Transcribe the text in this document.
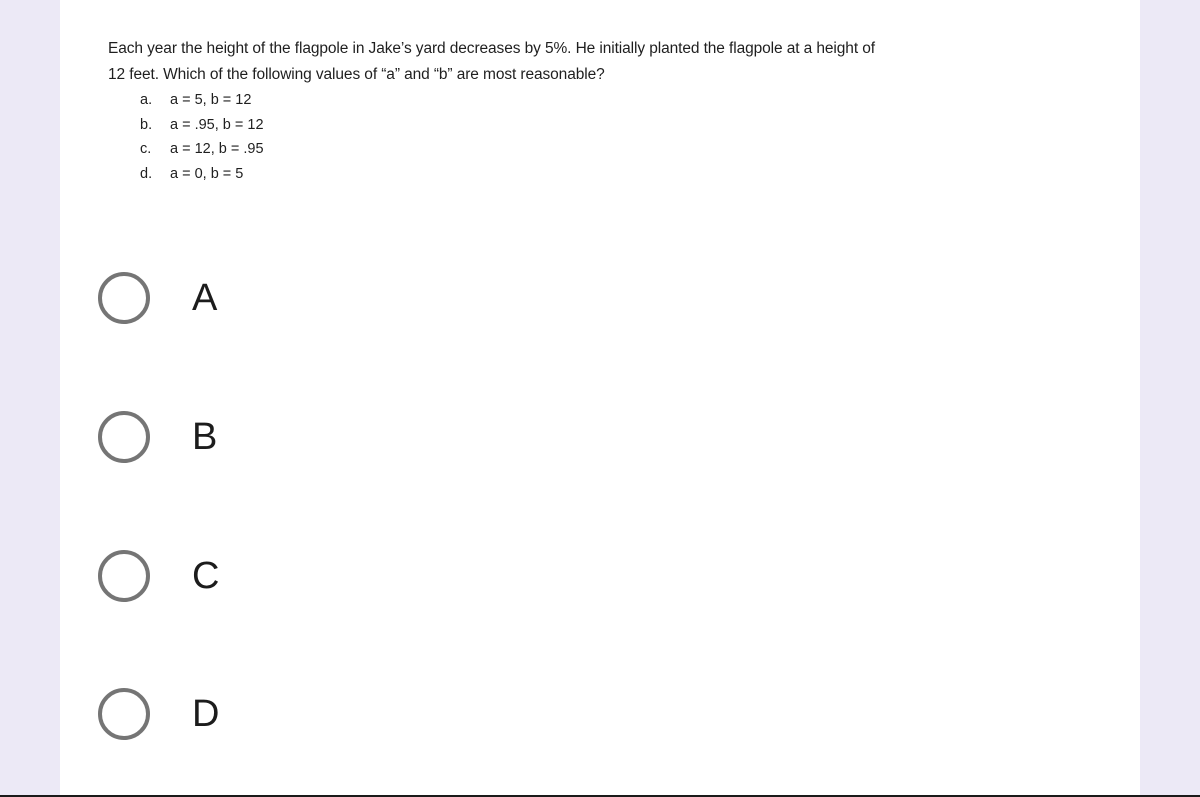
Each year the height of the flagpole in Jake’s yard decreases by 5%. He initially planted the flagpole at a height of
12 feet. Which of the following values of “a” and “b” are most reasonable?

a.	a = 5, b = 12
b.	a = .95, b = 12
c.	a = 12, b = .95
d.	a = 0, b = 5
A
B
C
D
